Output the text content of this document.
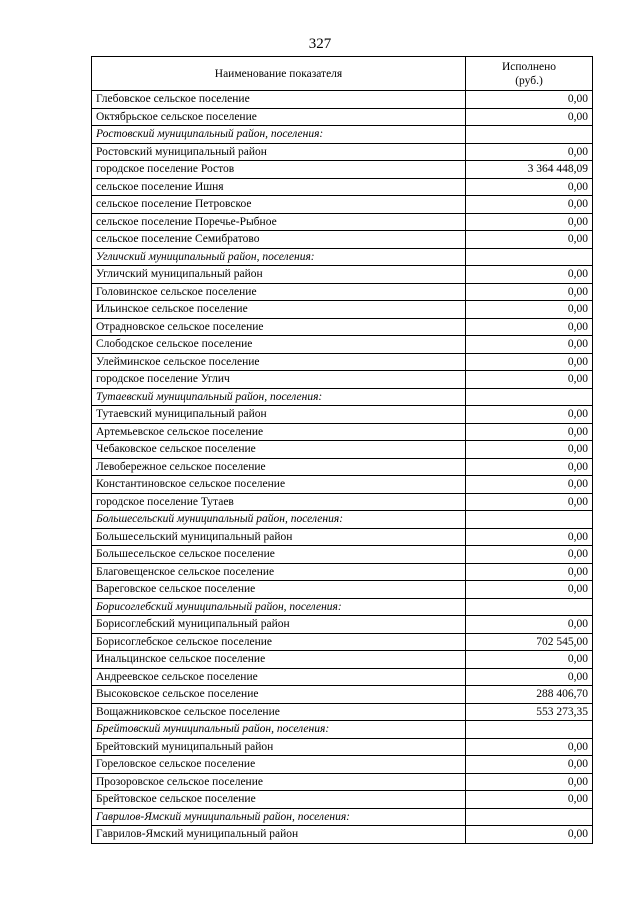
327
Наименование показателя	Исполнено
(руб.)

Глебовское сельское поселение	0,00
Октябрьское сельское поселение	0,00
Ростовский муниципальный район, поселения:	
Ростовский муниципальный район	0,00
городское поселение Ростов	3 364 448,09
сельское поселение Ишня	0,00
сельское поселение Петровское	0,00
сельское поселение Поречье-Рыбное	0,00
сельское поселение Семибратово	0,00
Угличский муниципальный район, поселения:	
Угличский муниципальный район	0,00
Головинское сельское поселение	0,00
Ильинское сельское поселение	0,00
Отрадновское сельское поселение	0,00
Слободское сельское поселение	0,00
Улейминское сельское поселение	0,00
городское поселение Углич	0,00
Тутаевский муниципальный район, поселения:	
Тутаевский муниципальный район	0,00
Артемьевское сельское поселение	0,00
Чебаковское сельское поселение	0,00
Левобережное сельское поселение	0,00
Константиновское сельское поселение	0,00
городское поселение Тутаев	0,00
Большесельский муниципальный район, поселения:	
Большесельский муниципальный район	0,00
Большесельское сельское поселение	0,00
Благовещенское сельское поселение	0,00
Вареговское сельское поселение	0,00
Борисоглебский муниципальный район, поселения:	
Борисоглебский муниципальный район	0,00
Борисоглебское сельское поселение	702 545,00
Инальцинское сельское поселение	0,00
Андреевское сельское поселение	0,00
Высоковское сельское поселение	288 406,70
Вощажниковское сельское поселение	553 273,35
Брейтовский муниципальный район, поселения:	
Брейтовский муниципальный район	0,00
Гореловское сельское поселение	0,00
Прозоровское сельское поселение	0,00
Брейтовское сельское поселение	0,00
Гаврилов-Ямский муниципальный район, поселения:	
Гаврилов-Ямский муниципальный район	0,00
